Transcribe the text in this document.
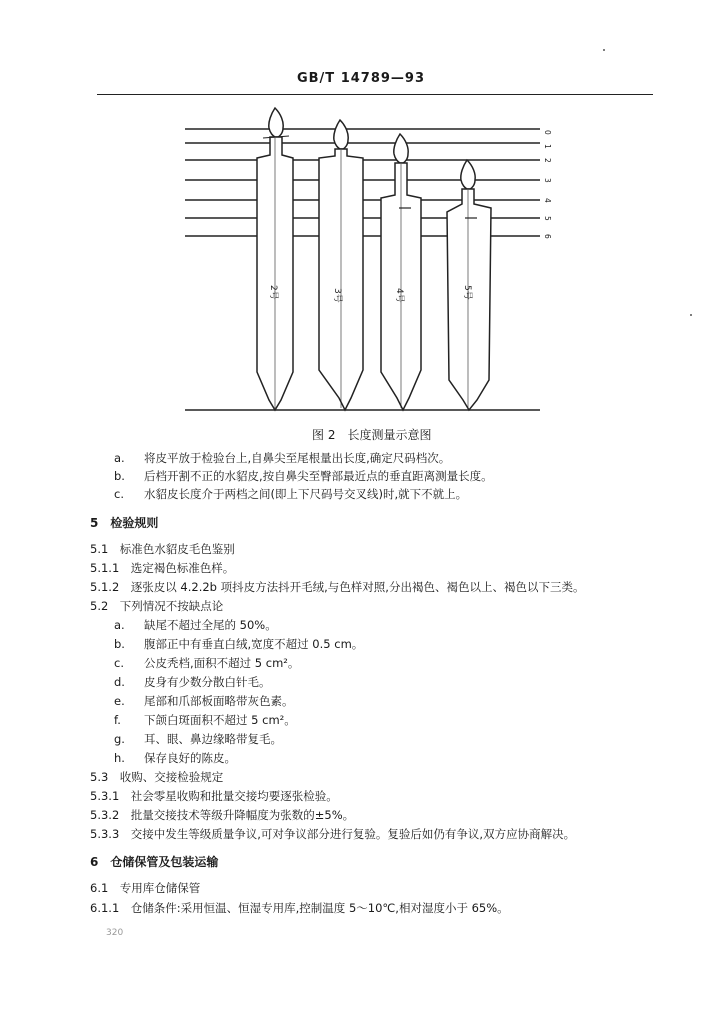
GB/T 14789—93
0
1
2
3
4
5
6
2号	3号	4号	5号
图 2　长度测量示意图
a. 将皮平放于检验台上,自鼻尖至尾根量出长度,确定尺码档次。
b. 后档开割不正的水貂皮,按自鼻尖至臀部最近点的垂直距离测量长度。
c. 水貂皮长度介于两档之间(即上下尺码号交叉线)时,就下不就上。
5　检验规则
5.1　标准色水貂皮毛色鉴别
5.1.1　选定褐色标准色样。
5.1.2　逐张皮以 4.2.2b 项抖皮方法抖开毛绒,与色样对照,分出褐色、褐色以上、褐色以下三类。
5.2　下列情况不按缺点论
a. 缺尾不超过全尾的 50%。
b. 腹部正中有垂直白绒,宽度不超过 0.5 cm。
c. 公皮秃档,面积不超过 5 cm²。
d. 皮身有少数分散白针毛。
e. 尾部和爪部板面略带灰色素。
f. 下颌白斑面积不超过 5 cm²。
g. 耳、眼、鼻边缘略带复毛。
h. 保存良好的陈皮。
5.3　收购、交接检验规定
5.3.1　社会零星收购和批量交接均要逐张检验。
5.3.2　批量交接技术等级升降幅度为张数的±5%。
5.3.3　交接中发生等级质量争议,可对争议部分进行复验。复验后如仍有争议,双方应协商解决。
6　仓储保管及包装运输
6.1　专用库仓储保管
6.1.1　仓储条件:采用恒温、恒湿专用库,控制温度 5～10℃,相对湿度小于 65%。
320
